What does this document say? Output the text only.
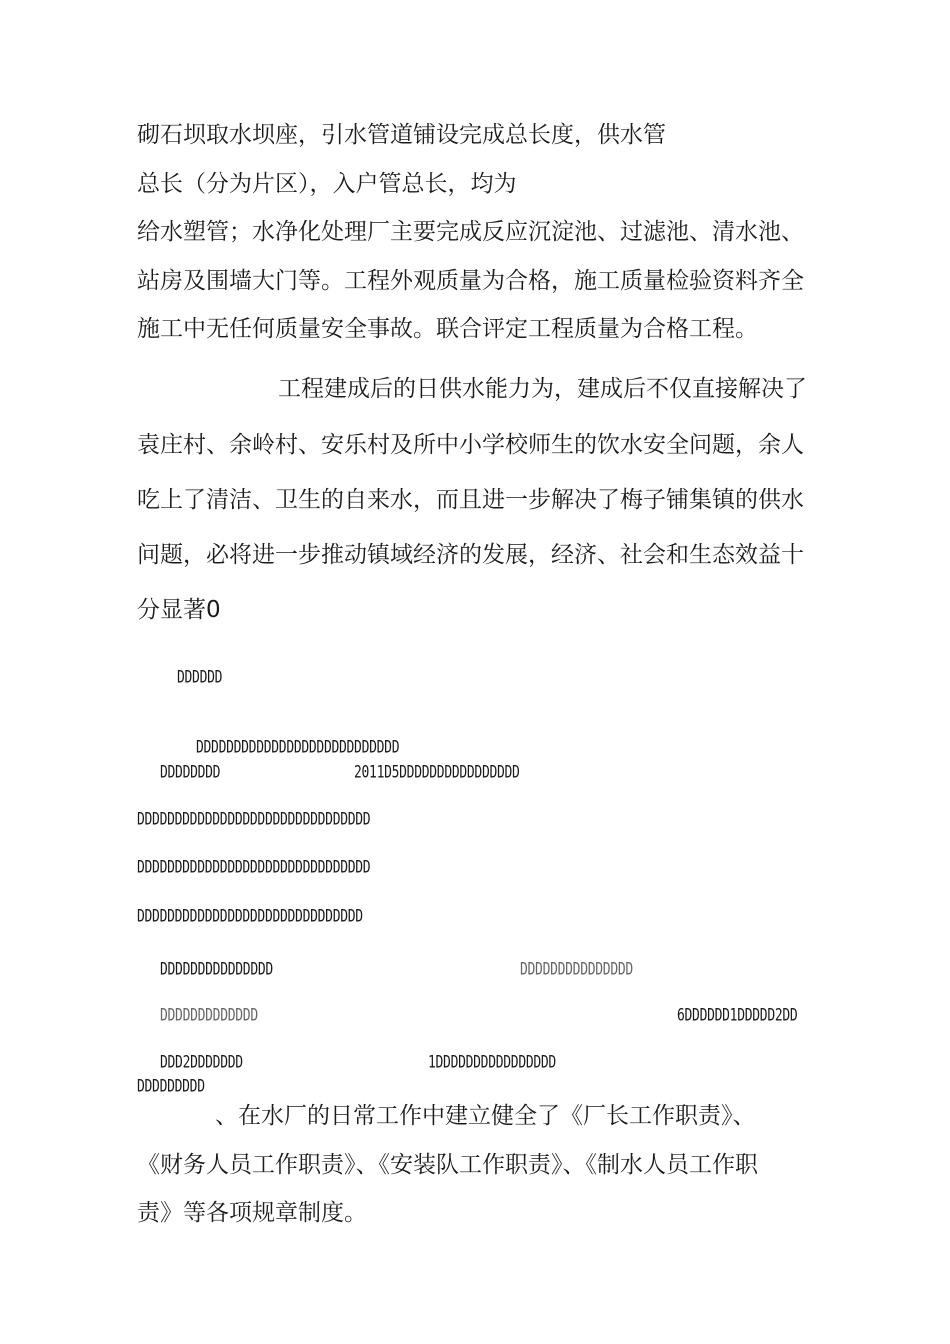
砌石坝取水坝座，引水管道铺设完成总长度，供水管

总长（分为片区），入户管总长，均为

给水塑管；水净化处理厂主要完成反应沉淀池、过滤池、清水池、

站房及围墙大门等。工程外观质量为合格，施工质量检验资料齐全

施工中无任何质量安全事故。联合评定工程质量为合格工程。

工程建成后的日供水能力为，建成后不仅直接解决了

袁庄村、余岭村、安乐村及所中小学校师生的饮水安全问题，余人

吃上了清洁、卫生的自来水，而且进一步解决了梅子铺集镇的供水

问题，必将进一步推动镇域经济的发展，经济、社会和生态效益十

分显著0

DDDDDD

DDDDDDDDDDDDDDDDDDDDDDDDDDD

DDDDDDDD	2011D5DDDDDDDDDDDDDDDD

DDDDDDDDDDDDDDDDDDDDDDDDDDDDDDD

DDDDDDDDDDDDDDDDDDDDDDDDDDDDDDD

DDDDDDDDDDDDDDDDDDDDDDDDDDDDDD

DDDDDDDDDDDDDDD	DDDDDDDDDDDDDDD

DDDDDDDDDDDDD	6DDDDDD1DDDDD2DD

DDD2DDDDDDD	1DDDDDDDDDDDDDDDD

DDDDDDDDD

、在水厂的日常工作中建立健全了《厂长工作职责》、

《财务人员工作职责》、《安装队工作职责》、《制水人员工作职

责》等各项规章制度。
